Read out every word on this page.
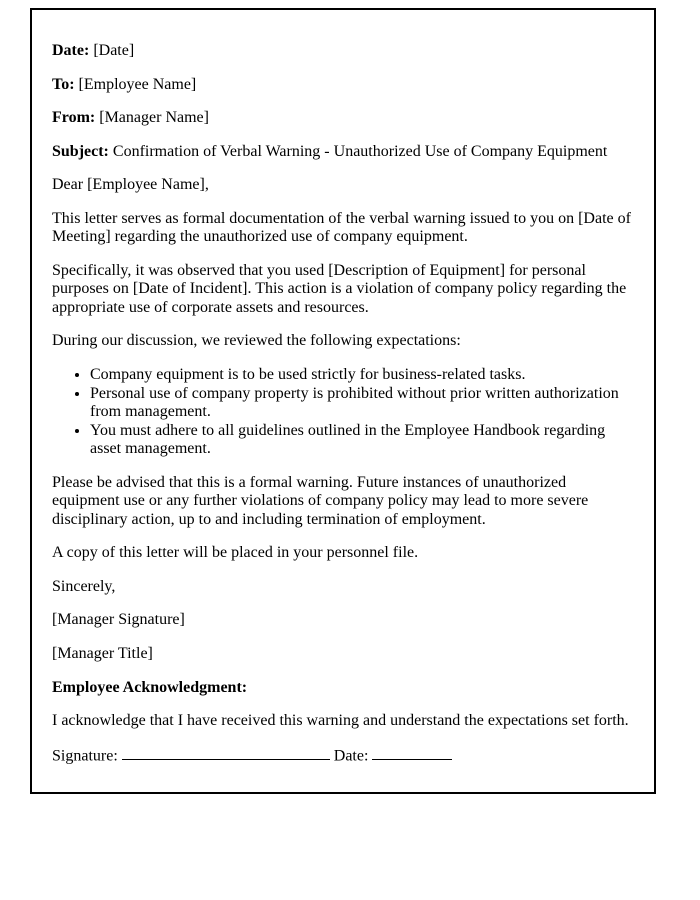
Date: [Date]

To: [Employee Name]

From: [Manager Name]

Subject: Confirmation of Verbal Warning - Unauthorized Use of Company Equipment

Dear [Employee Name],

This letter serves as formal documentation of the verbal warning issued to you on [Date of Meeting] regarding the unauthorized use of company equipment.

Specifically, it was observed that you used [Description of Equipment] for personal purposes on [Date of Incident]. This action is a violation of company policy regarding the appropriate use of corporate assets and resources.

During our discussion, we reviewed the following expectations:

• Company equipment is to be used strictly for business-related tasks.
• Personal use of company property is prohibited without prior written authorization from management.
• You must adhere to all guidelines outlined in the Employee Handbook regarding asset management.

Please be advised that this is a formal warning. Future instances of unauthorized equipment use or any further violations of company policy may lead to more severe disciplinary action, up to and including termination of employment.

A copy of this letter will be placed in your personnel file.

Sincerely,

[Manager Signature]

[Manager Title]

Employee Acknowledgment:

I acknowledge that I have received this warning and understand the expectations set forth.

Signature:	Date:
